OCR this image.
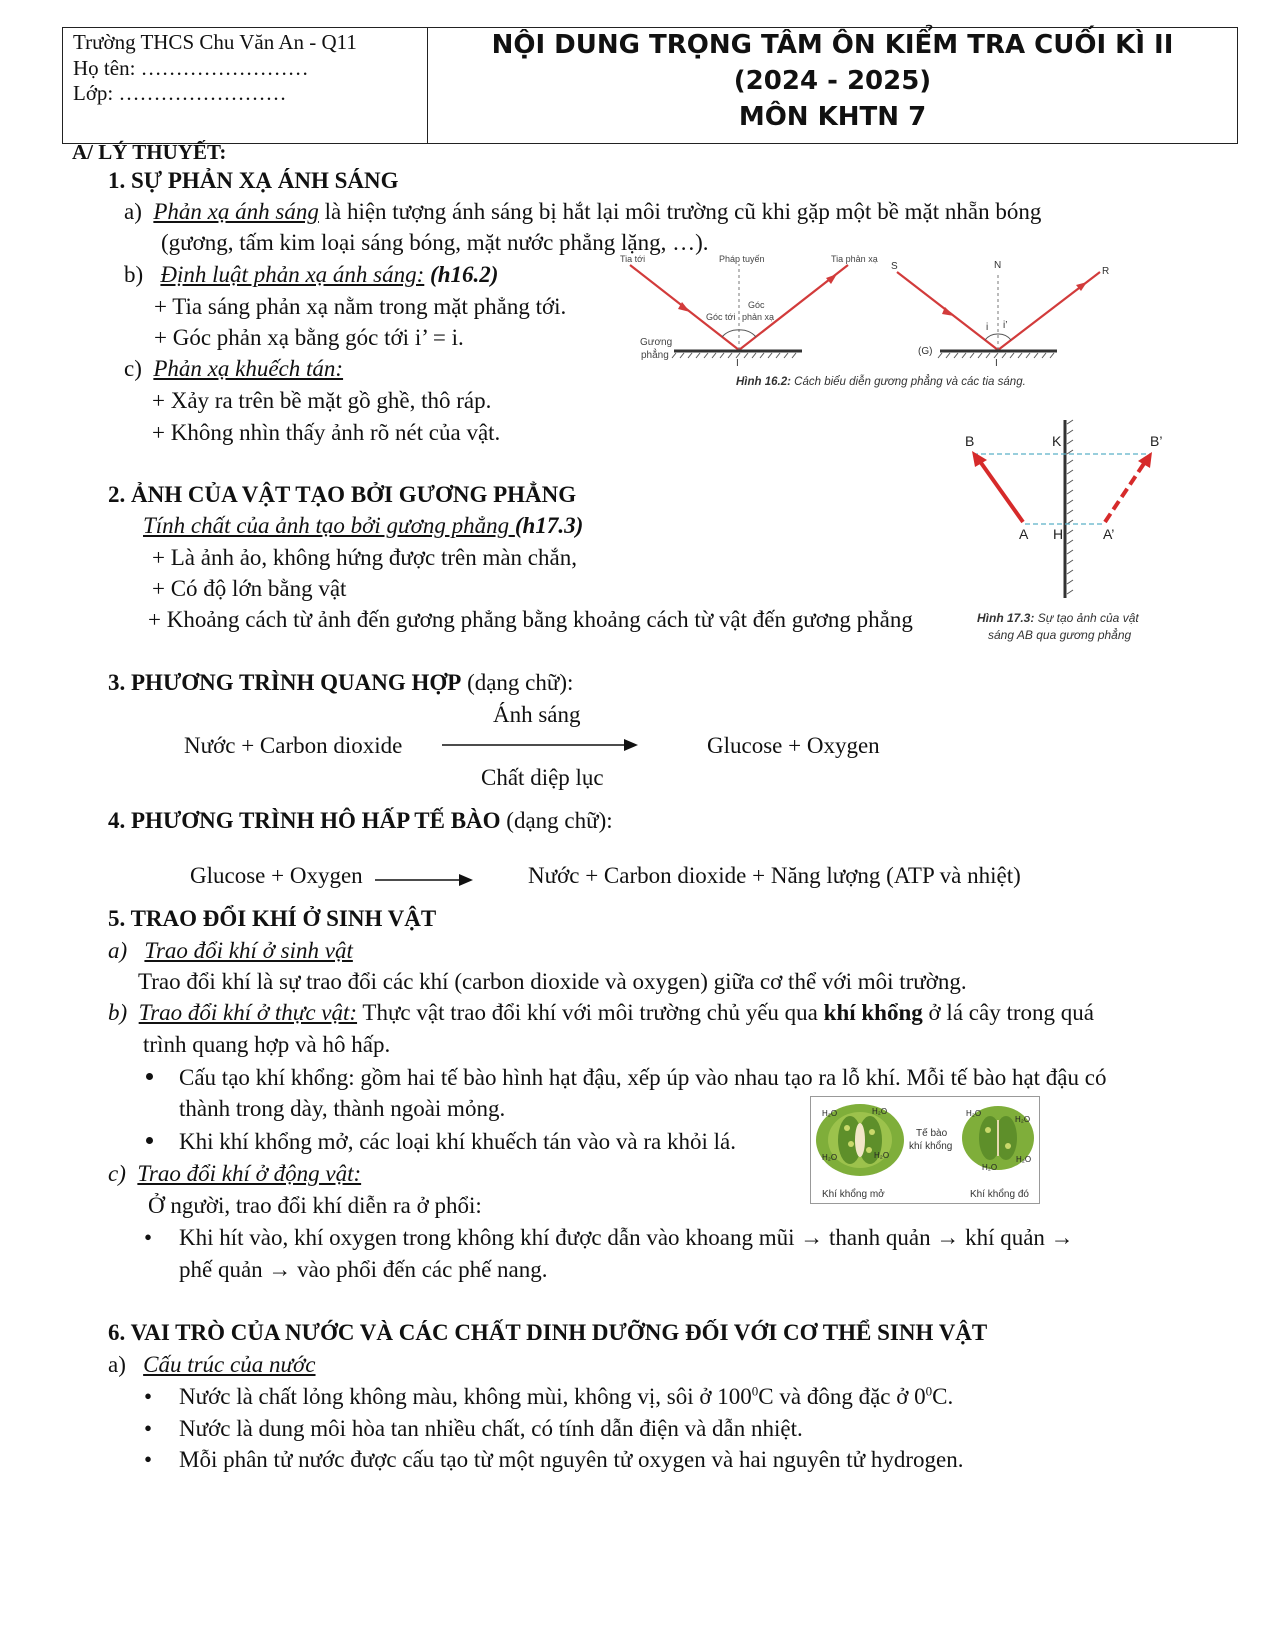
Trường THCS Chu Văn An - Q11
Họ tên: ……………………
Lớp: ……………………
NỘI DUNG TRỌNG TÂM ÔN KIỂM TRA CUỐI KÌ II
(2024 - 2025)
MÔN KHTN 7
A/ LÝ THUYẾT:
1. SỰ PHẢN XẠ ÁNH SÁNG
a) Phản xạ ánh sáng là hiện tượng ánh sáng bị hắt lại môi trường cũ khi gặp một bề mặt nhẵn bóng
(gương, tấm kim loại sáng bóng, mặt nước phẳng lặng, …).
b) Định luật phản xạ ánh sáng: (h16.2)
+ Tia sáng phản xạ nằm trong mặt phẳng tới.
+ Góc phản xạ bằng góc tới i’ = i.
c) Phản xạ khuếch tán:
+ Xảy ra trên bề mặt gồ ghề, thô ráp.
+ Không nhìn thấy ảnh rõ nét của vật.
Tia tới	Pháp tuyến	Tia phản xạ
Góc tới
Góc
phản xạ
Gương
phẳng
I
S	N
R
i i’
(G)
I
Hình 16.2: Cách biểu diễn gương phẳng và các tia sáng.
2. ẢNH CỦA VẬT TẠO BỞI GƯƠNG PHẲNG
Tính chất của ảnh tạo bởi gương phẳng (h17.3)
+ Là ảnh ảo, không hứng được trên màn chắn,
+ Có độ lớn bằng vật
+ Khoảng cách từ ảnh đến gương phẳng bằng khoảng cách từ vật đến gương phẳng
B	K	B’
A H	A’
Hình 17.3: Sự tạo ảnh của vật
sáng AB qua gương phẳng
3. PHƯƠNG TRÌNH QUANG HỢP (dạng chữ):
Ánh sáng
Nước + Carbon dioxide	Glucose + Oxygen
Chất diệp lục
4. PHƯƠNG TRÌNH HÔ HẤP TẾ BÀO (dạng chữ):
Glucose + Oxygen	Nước + Carbon dioxide + Năng lượng (ATP và nhiệt)
5. TRAO ĐỔI KHÍ Ở SINH VẬT
a) Trao đổi khí ở sinh vật
Trao đổi khí là sự trao đổi các khí (carbon dioxide và oxygen) giữa cơ thể với môi trường.
b) Trao đổi khí ở thực vật: Thực vật trao đổi khí với môi trường chủ yếu qua khí khổng ở lá cây trong quá
trình quang hợp và hô hấp.
Cấu tạo khí khổng: gồm hai tế bào hình hạt đậu, xếp úp vào nhau tạo ra lỗ khí. Mỗi tế bào hạt đậu có
thành trong dày, thành ngoài mỏng.
Khi khí khổng mở, các loại khí khuếch tán vào và ra khỏi lá.
H₂O	H₂O
H₂O	H₂O
H₂O
H₂O
H₂O
H₂O
Tế bào
khí khổng
Khí khổng mở	Khí khổng đó
c) Trao đổi khí ở động vật:
Ở người, trao đổi khí diễn ra ở phổi:
• Khi hít vào, khí oxygen trong không khí được dẫn vào khoang mũi → thanh quản → khí quản →
phế quản → vào phổi đến các phế nang.
6. VAI TRÒ CỦA NƯỚC VÀ CÁC CHẤT DINH DƯỠNG ĐỐI VỚI CƠ THỂ SINH VẬT
a) Cấu trúc của nước
• Nước là chất lỏng không màu, không mùi, không vị, sôi ở $100^0C$ và đông đặc ở $0^0C$.
• Nước là dung môi hòa tan nhiều chất, có tính dẫn điện và dẫn nhiệt.
• Mỗi phân tử nước được cấu tạo từ một nguyên tử oxygen và hai nguyên tử hydrogen.
